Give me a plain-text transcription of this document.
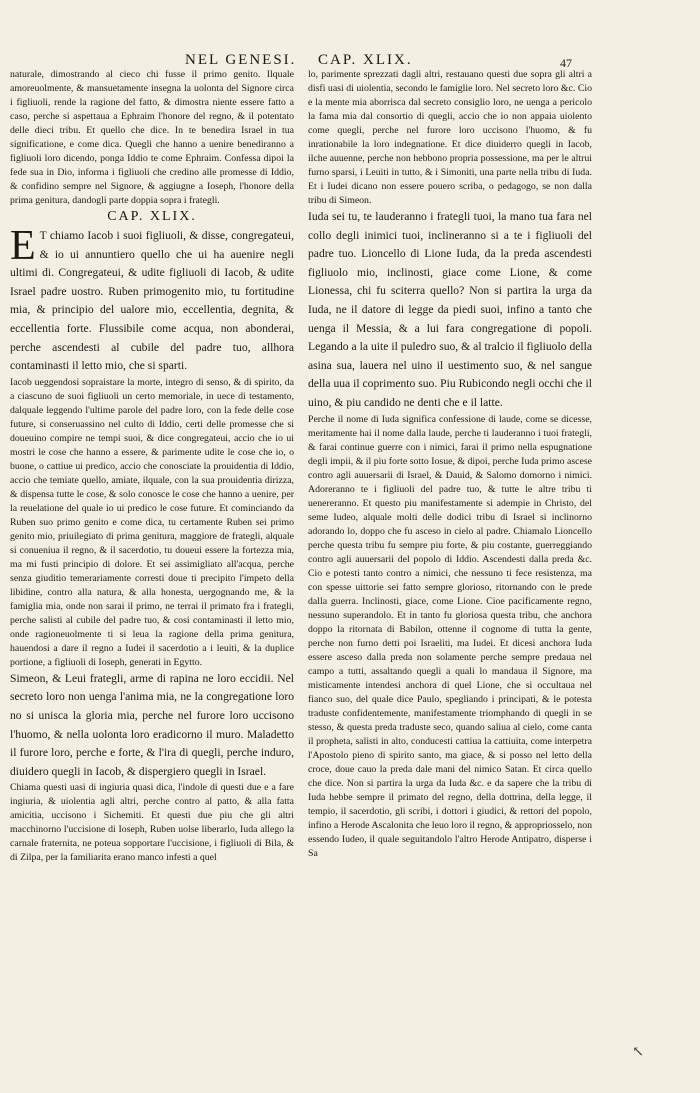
NEL GENESI. CAP. XLIX.	47

naturale, dimostrando al cieco chi fusse il primo genito. Ilquale amoreuolmente, & mansuetamente insegna la uolonta del Signore circa i figliuoli, rende la ragione del fatto, & dimostra niente essere fatto a caso, perche si aspettaua a Ephraim l'honore del regno, & il potentato delle dieci tribu. Et quello che dice. In te benedira Israel in tua significatione, e come dica. Quegli che hanno a uenire benediranno a figliuoli loro dicendo, ponga Iddio te come Ephraim. Confessa dipoi la fede sua in Dio, informa i figliuoli che credino alle promesse di Iddio, & confidino sempre nel Signore, & aggiugne a Ioseph, l'honore della prima genitura, dandogli parte doppia sopra i frategli.

CAP. XLIX.

E T chiamo Iacob i suoi figliuoli, & disse, congregateui, & io ui annuntiero quello che ui ha auenire negli ultimi di. Congregateui, & udite figliuoli di Iacob, & udite Israel padre uostro. Ruben primogenito mio, tu fortitudine mia, & principio del ualore mio, eccellentia, degnita, & eccellentia forte. Flussibile come acqua, non abonderai, perche ascendesti al cubile del padre tuo, allhora contaminasti il letto mio, che si sparti.

Iacob ueggendosi sopraistare la morte, integro di senso, & di spirito, da a ciascuno de suoi figliuoli un certo memoriale, in uece di testamento, dalquale leggendo l'ultime parole del padre loro, con la fede delle cose future, si conseruassino nel culto di Iddio, certi delle promesse che si doueuino compire ne tempi suoi, & dice congregateui, accio che io ui mostri le cose che hanno a essere, & parimente udite le cose che io, o buone, o cattiue ui predico, accio che conosciate la prouidentia di Iddio, accio che temiate quello, amiate, ilquale, con la sua prouidentia dirizza, & dispensa tutte le cose, & solo conosce le cose che hanno a uenire, per la reuelatione del quale io ui predico le cose future. Et cominciando da Ruben suo primo genito e come dica, tu certamente Ruben sei primo genito mio, priuilegiato di prima genitura, maggiore de frategli, alquale si conueniua il regno, & il sacerdotio, tu doueui essere la fortezza mia, ma mi fusti principio di dolore. Et sei assimigliato all'acqua, perche senza giuditio temerariamente corresti doue ti precipito l'impeto della libidine, contro alla natura, & alla honesta, uergognando me, & la famiglia mia, onde non sarai il primo, ne terrai il primato fra i frategli, perche salisti al cubile del padre tuo, & cosi contaminasti il letto mio, onde ragioneuolmente ti si leua la ragione della prima genitura, hauendosi a dare il regno a Iudei il sacerdotio a i leuiti, & la duplice portione, a figliuoli di Ioseph, generati in Egytto.

Simeon, & Leui frategli, arme di rapina ne loro eccidii. Nel secreto loro non uenga l'anima mia, ne la congregatione loro no si unisca la gloria mia, perche nel furore loro uccisono l'huomo, & nella uolonta loro eradicorno il muro. Maladetto il furore loro, perche e forte, & l'ira di quegli, perche induro, diuidero quegli in Iacob, & dispergiero quegli in Israel.

Chiama questi uasi di ingiuria quasi dica, l'indole di questi due e a fare ingiuria, & uiolentia agli altri, perche contro al patto, & alla fatta amicitia, uccisono i Sichemiti. Et questi due piu che gli altri macchinorno l'uccisione di Ioseph, Ruben uolse liberarlo, Iuda allego la carnale fraternita, ne poteua sopportare l'uccisione, i figliuoli di Bila, & di Zilpa, per la familiarita erano manco infesti a quel

lo, parimente sprezzati dagli altri, restauano questi due sopra gli altri a disfi uasi di uiolentia, secondo le famiglie loro. Nel secreto loro &c. Cio e la mente mia aborrisca dal secreto consiglio loro, ne uenga a pericolo la fama mia dal consortio di quegli, accio che io non appaia uiolento come quegli, perche nel furore loro uccisono l'huomo, & fu inrationabile la loro indegnatione. Et dice diuiderro quegli in Iacob, ilche auuenne, perche non hebbono propria possessione, ma per le altrui furno sparsi, i Leuiti in tutto, & i Simoniti, una parte nella tribu di Iuda. Et i Iudei dicano non essere pouero scriba, o pedagogo, se non dalla tribu di Simeon.

Iuda sei tu, te lauderanno i frategli tuoi, la mano tua fara nel collo degli inimici tuoi, inclineranno si a te i figliuoli del padre tuo. Lioncello di Lione Iuda, da la preda ascendesti figliuolo mio, inclinosti, giace come Lione, & come Lionessa, chi fu sciterra quello? Non si partira la urga da Iuda, ne il datore di legge da piedi suoi, infino a tanto che uenga il Messia, & a lui fara congregatione di popoli. Legando a la uite il puledro suo, & al tralcio il figliuolo della asina sua, lauera nel uino il uestimento suo, & nel sangue della uua il coprimento suo. Piu Rubicondo negli occhi che il uino, & piu candido ne denti che e il latte.

Perche il nome di Iuda significa confessione di laude, come se dicesse, meritamente hai il nome dalla laude, perche ti lauderanno i tuoi frategli, & farai continue guerre con i nimici, farai il primo nella espugnatione degli impii, & il piu forte sotto Iosue, & dipoi, perche Iuda primo ascese contro agli auuersarii di Israel, & Dauid, & Salomo domorno i nimici. Adoreranno te i figliuoli del padre tuo, & tutte le altre tribu ti uenereranno. Et questo piu manifestamente si adempie in Christo, del seme Iudeo, alquale molti delle dodici tribu di Israel si inclinorno adorando lo, doppo che fu asceso in cielo al padre. Chiamalo Lioncello perche questa tribu fu sempre piu forte, & piu costante, guerreggiando contro agli auuersarii del popolo di Iddio. Ascendesti dalla preda &c. Cio e potesti tanto contro a nimici, che nessuno ti fece resistenza, ma con spesse uittorie sei fatto sempre glorioso, ritornando con le prede dalla guerra. Inclinosti, giace, come Lione. Cioe pacificamente regno, nessuno superandolo. Et in tanto fu gloriosa questa tribu, che anchora doppo la ritornata di Babilon, ottenne il cognome di tutta la gente, perche non furno detti poi Israeliti, ma Iudei. Et dicesi anchora Iuda essere asceso dalla preda non solamente perche sempre predaua nel campo a tutti, assaltando quegli a quali lo mandaua il Signore, ma misticamente intendesi anchora di quel Lione, che si occultaua nel fianco suo, del quale dice Paulo, spegliando i principati, & le potesta traduste confidentemente, manifestamente triomphando di quegli in se stesso, & questa preda traduste seco, quando saliua al cielo, come canta il propheta, salisti in alto, conducesti cattiua la cattiuita, come interpetra l'Apostolo pieno di spirito santo, ma giace, & si posso nel letto della croce, doue cauo la preda dale mani del nimico Satan. Et circa quello che dice. Non si partira la urga da Iuda &c. e da sapere che la tribu di Iuda hebbe sempre il primato del regno, della dottrina, della legge, il tempio, il sacerdotio, gli scribi, i dottori i giudici, & rettori del popolo, infino a Herode Ascalonita che leuo loro il regno, & appropriosselo, non essendo Iudeo, il quale seguitandolo l'altro Herode Antipatro, disperse i Sa

↖
